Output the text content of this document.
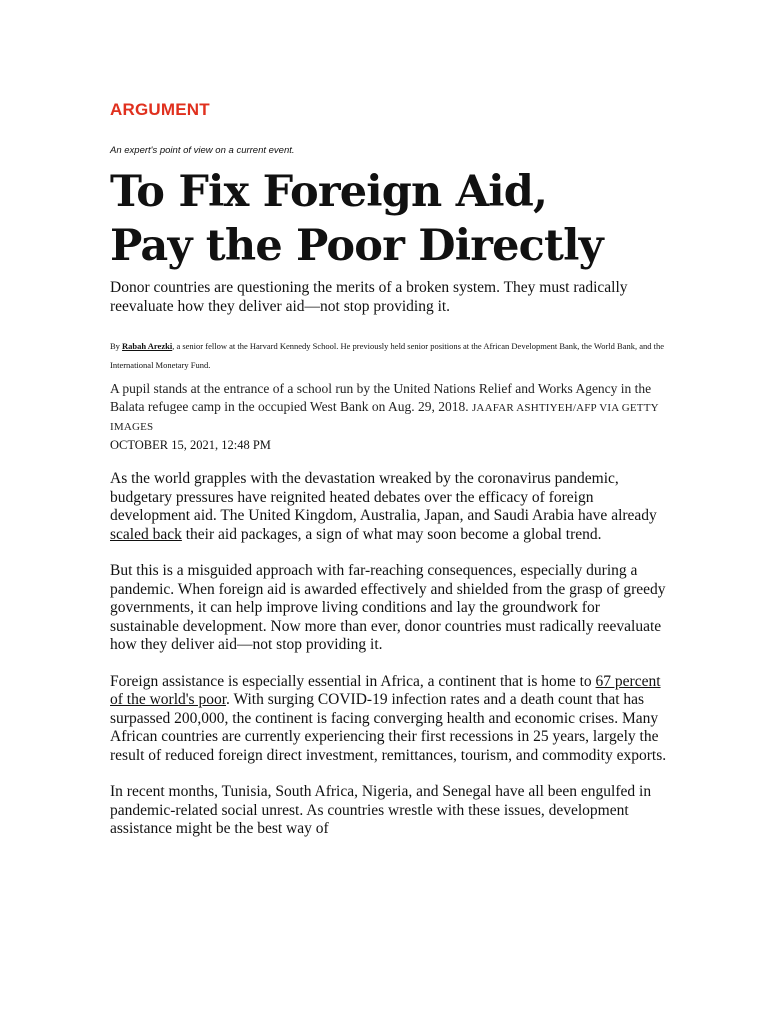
ARGUMENT
An expert's point of view on a current event.
To Fix Foreign Aid,
Pay the Poor Directly

Donor countries are questioning the merits of a broken system. They must radically reevaluate how they deliver aid—not stop providing it.

By Rabah Arezki, a senior fellow at the Harvard Kennedy School. He previously held senior positions at the African Development Bank, the World Bank, and the International Monetary Fund.

A pupil stands at the entrance of a school run by the United Nations Relief and Works Agency in the Balata refugee camp in the occupied West Bank on Aug. 29, 2018. JAAFAR ASHTIYEH/AFP VIA GETTY IMAGES

OCTOBER 15, 2021, 12:48 PM

As the world grapples with the devastation wreaked by the coronavirus pandemic, budgetary pressures have reignited heated debates over the efficacy of foreign development aid. The United Kingdom, Australia, Japan, and Saudi Arabia have already scaled back their aid packages, a sign of what may soon become a global trend.

But this is a misguided approach with far-reaching consequences, especially during a pandemic. When foreign aid is awarded effectively and shielded from the grasp of greedy governments, it can help improve living conditions and lay the groundwork for sustainable development. Now more than ever, donor countries must radically reevaluate how they deliver aid—not stop providing it.

Foreign assistance is especially essential in Africa, a continent that is home to 67 percent of the world's poor. With surging COVID-19 infection rates and a death count that has surpassed 200,000, the continent is facing converging health and economic crises. Many African countries are currently experiencing their first recessions in 25 years, largely the result of reduced foreign direct investment, remittances, tourism, and commodity exports.

In recent months, Tunisia, South Africa, Nigeria, and Senegal have all been engulfed in pandemic-related social unrest. As countries wrestle with these issues, development assistance might be the best way of
